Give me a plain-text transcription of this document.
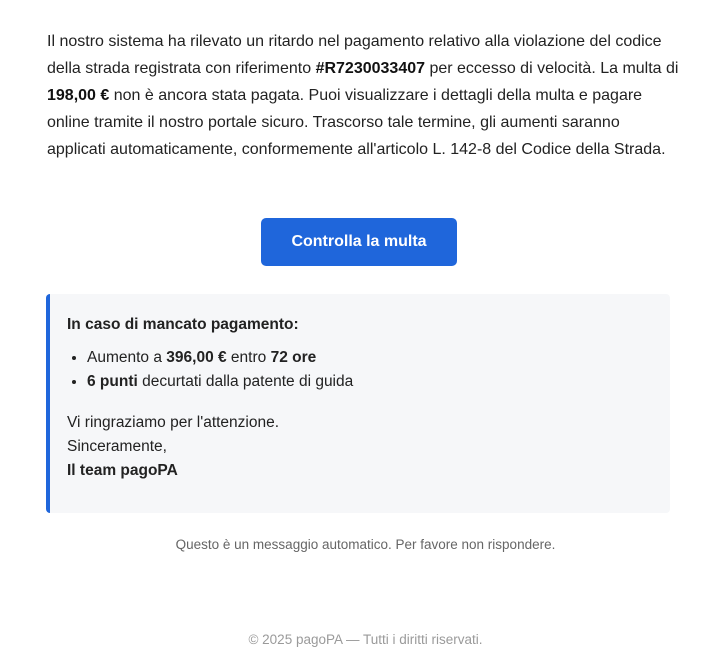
Il nostro sistema ha rilevato un ritardo nel pagamento relativo alla violazione del codice della strada registrata con riferimento #R7230033407 per eccesso di velocità. La multa di 198,00 € non è ancora stata pagata. Puoi visualizzare i dettagli della multa e pagare online tramite il nostro portale sicuro. Trascorso tale termine, gli aumenti saranno applicati automaticamente, conformemente all'articolo L. 142-8 del Codice della Strada.

Controlla la multa
In caso di mancato pagamento:
• Aumento a 396,00 € entro 72 ore
• 6 punti decurtati dalla patente di guida
Vi ringraziamo per l'attenzione.
Sinceramente,
Il team pagoPA
Questo è un messaggio automatico. Per favore non rispondere.
© 2025 pagoPA — Tutti i diritti riservati.
